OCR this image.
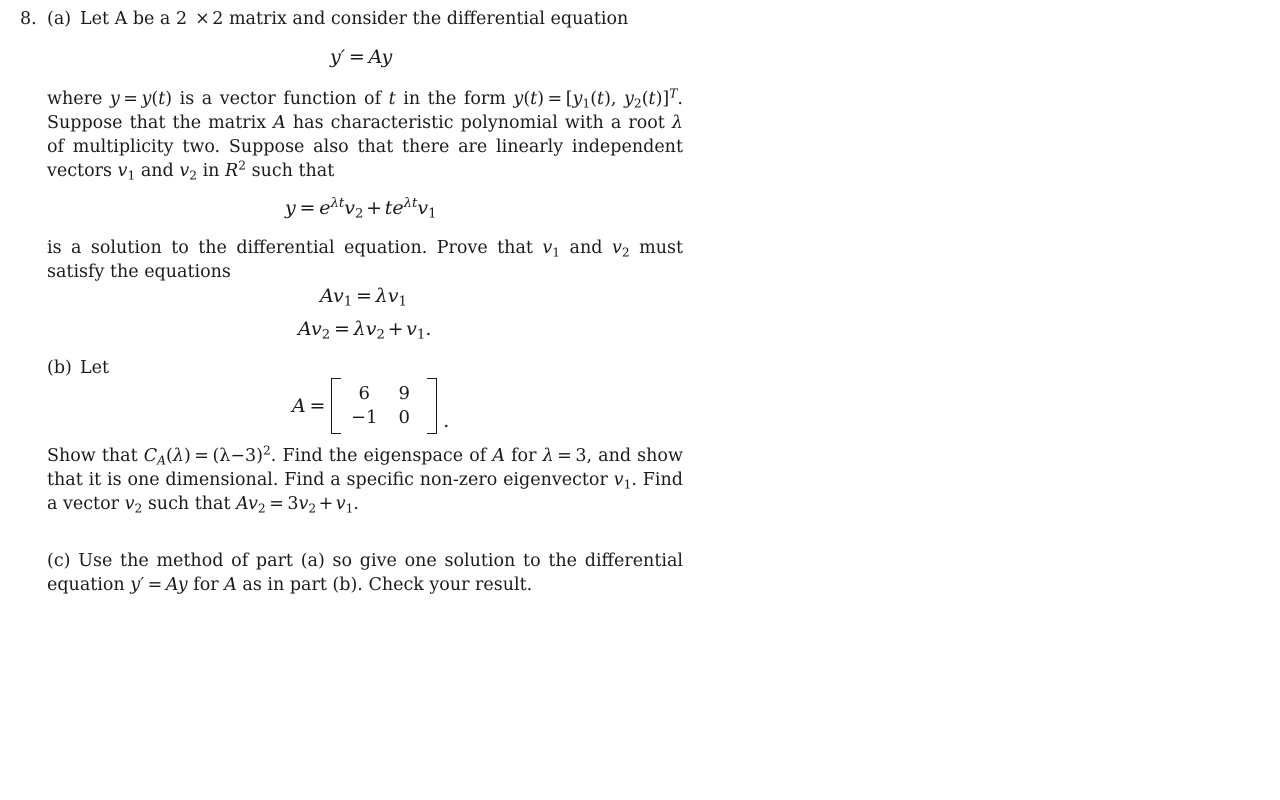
8. (a) Let A be a 2 × 2 matrix and consider the differential equation
y′ = Ay
where y = y(t) is a vector function of t in the form $y(t) = [y_1(t)$, $y_2(t)]^T$. Suppose that the matrix A has characteristic polynomial with a root λ of multiplicity two. Suppose also that there are linearly independent vectors $v_1$ and $v_2$ in $R^2$ such that
$y = e^{\lambda t}v_2 + te^{\lambda t}v_1$
is a solution to the differential equation. Prove that $v_1$ and $v_2$ must satisfy the equations
$Av_1 = \lambda v_1$
$Av_2 = \lambda v_2 + v_1$.
(b) Let
A =
6	9
−1	0	.
Show that $C_A(\lambda) = (\lambda-3)^2$. Find the eigenspace of A for λ = 3, and show that it is one dimensional. Find a specific non-zero eigenvector $v_1$. Find a vector $v_2$ such that $Av_2 = 3v_2 + v_1$.
(c) Use the method of part (a) so give one solution to the differential equation y′ = Ay for A as in part (b). Check your result.
